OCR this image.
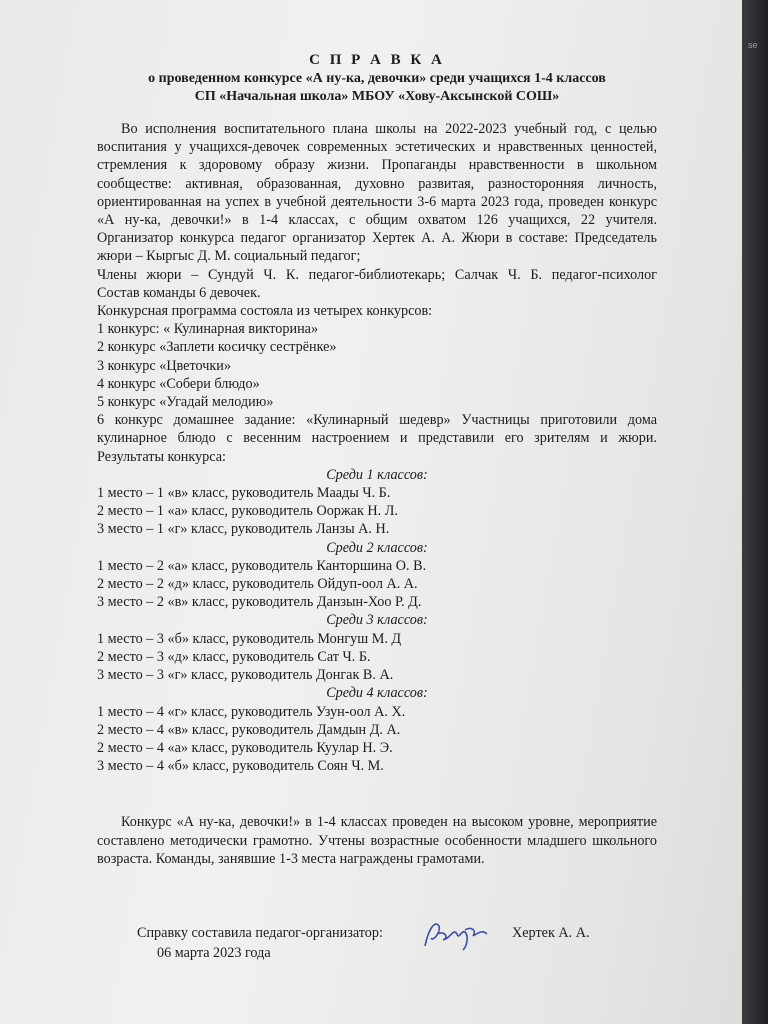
С П Р А В К А
о проведенном конкурсе «А ну-ка, девочки» среди учащихся 1-4 классов
СП «Начальная школа» МБОУ «Хову-Аксынской СОШ»
Во исполнения воспитательного плана школы на 2022-2023 учебный год, с целью
воспитания у учащихся-девочек современных эстетических и нравственных ценностей,
стремления к здоровому образу жизни. Пропаганды нравственности в школьном
сообществе: активная, образованная, духовно развитая, разносторонняя личность,
ориентированная на успех в учебной деятельности 3-6 марта 2023 года, проведен конкурс
«А ну-ка, девочки!» в 1-4 классах, с общим охватом 126 учащихся, 22 учителя.
Организатор конкурса педагог организатор Хертек А. А. Жюри в составе: Председатель
жюри – Кыргыс Д. М. социальный педагог;
Члены жюри – Сундуй Ч. К. педагог-библиотекарь; Салчак Ч. Б. педагог-психолог
Состав команды 6 девочек.
Конкурсная программа состояла из четырех конкурсов:
1 конкурс: « Кулинарная викторина»
2 конкурс «Заплети косичку сестрёнке»
3 конкурс «Цветочки»
4 конкурс «Собери блюдо»
5 конкурс «Угадай мелодию»
6 конкурс домашнее задание: «Кулинарный шедевр» Участницы приготовили дома
кулинарное блюдо с весенним настроением и представили его зрителям и жюри.
Результаты конкурса:
Среди 1 классов:
1 место – 1 «в» класс, руководитель Маады Ч. Б.
2 место – 1 «а» класс, руководитель Ооржак Н. Л.
3 место – 1 «г» класс, руководитель Ланзы А. Н.
Среди 2 классов:
1 место – 2 «а» класс, руководитель Канторшина О. В.
2 место – 2 «д» класс, руководитель Ойдуп-оол А. А.
3 место – 2 «в» класс, руководитель Данзын-Хоо Р. Д.
Среди 3 классов:
1 место – 3 «б» класс, руководитель Монгуш М. Д
2 место – 3 «д» класс, руководитель Сат Ч. Б.
3 место – 3 «г» класс, руководитель Донгак В. А.
Среди 4 классов:
1 место – 4 «г» класс, руководитель Узун-оол А. Х.
2 место – 4 «в» класс, руководитель Дамдын Д. А.
2 место – 4 «а» класс, руководитель Куулар Н. Э.
3 место – 4 «б» класс, руководитель Соян Ч. М.
Конкурс «А ну-ка, девочки!» в 1-4 классах проведен на высоком уровне, мероприятие
составлено методически грамотно. Учтены возрастные особенности младшего школьного
возраста. Команды, занявшие 1-3 места награждены грамотами.
Справку составила педагог-организатор:	Хертек А. А.
06 марта 2023 года
se
